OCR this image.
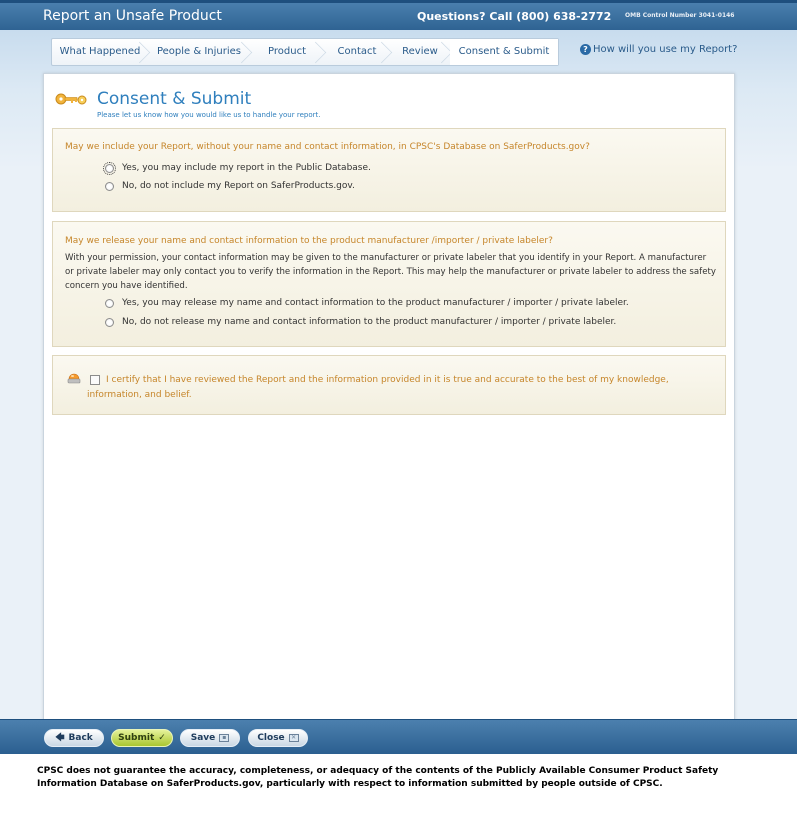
Report an Unsafe Product	Questions? Call (800) 638-2772 OMB Control Number 3041-0146
What Happened	People & Injuries	Product	Contact	Review	Consent & Submit	? How will you use my Report?
Consent & Submit
Please let us know how you would like us to handle your report.
May we include your Report, without your name and contact information, in CPSC's Database on SaferProducts.gov?
Yes, you may include my report in the Public Database.
No, do not include my Report on SaferProducts.gov.
May we release your name and contact information to the product manufacturer /importer / private labeler?
With your permission, your contact information may be given to the manufacturer or private labeler that you identify in your Report. A manufacturer or private labeler may only contact you to verify the information in the Report. This may help the manufacturer or private labeler to address the safety concern you have identified.
Yes, you may release my name and contact information to the product manufacturer / importer / private labeler.
No, do not release my name and contact information to the product manufacturer / importer / private labeler.
I certify that I have reviewed the Report and the information provided in it is true and accurate to the best of my knowledge, information, and belief.
🡄 Back	Submit ✓	Save	▪	Close	✕
CPSC does not guarantee the accuracy, completeness, or adequacy of the contents of the Publicly Available Consumer Product Safety Information Database on SaferProducts.gov, particularly with respect to information submitted by people outside of CPSC.
